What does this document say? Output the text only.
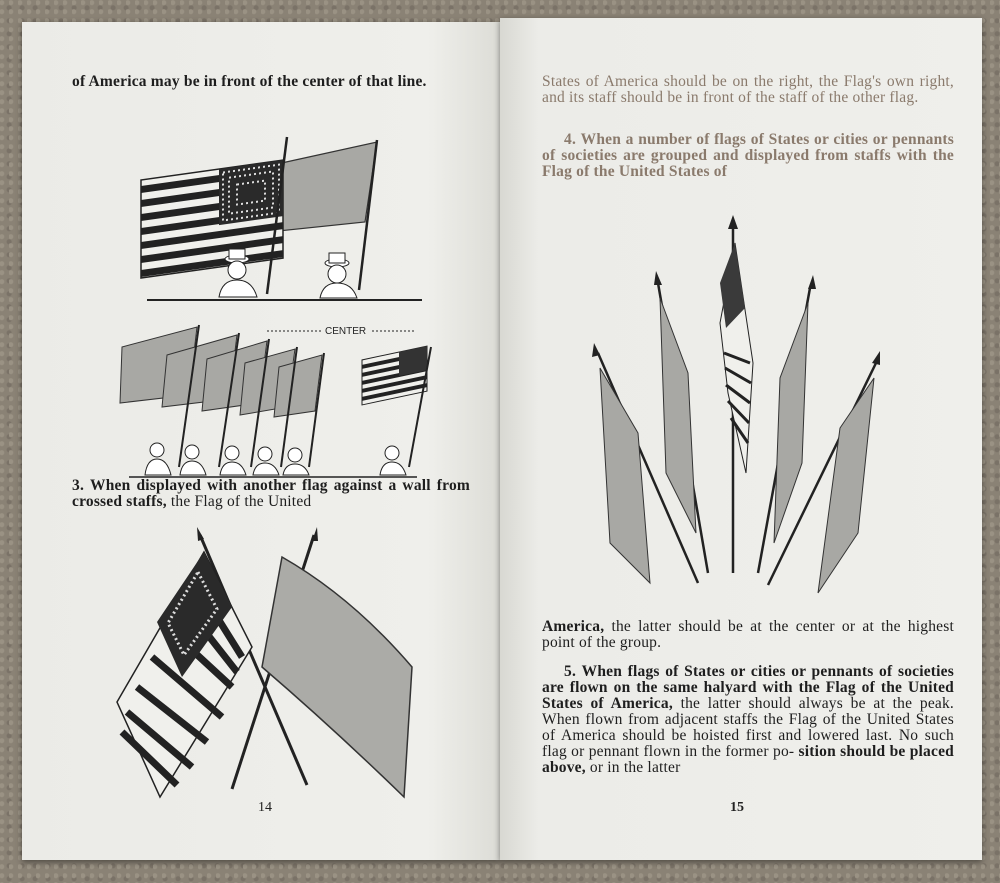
of America may be in front of the center of that line.
CENTER
3. When displayed with another flag against a wall from crossed staffs, the Flag of the United
14
States of America should be on the right, the Flag's own right, and its staff should be in front of the staff of the other flag.
4. When a number of flags of States or cities or pennants of societies are grouped and displayed from staffs with the Flag of the United States of
America, the latter should be at the center or at the highest point of the group.
5. When flags of States or cities or pennants of societies are flown on the same halyard with the Flag of the United States of America, the latter should always be at the peak. When flown from adjacent staffs the Flag of the United States of America should be hoisted first and lowered last. No such flag or pennant flown in the former po- sition should be placed above, or in the latter
15
